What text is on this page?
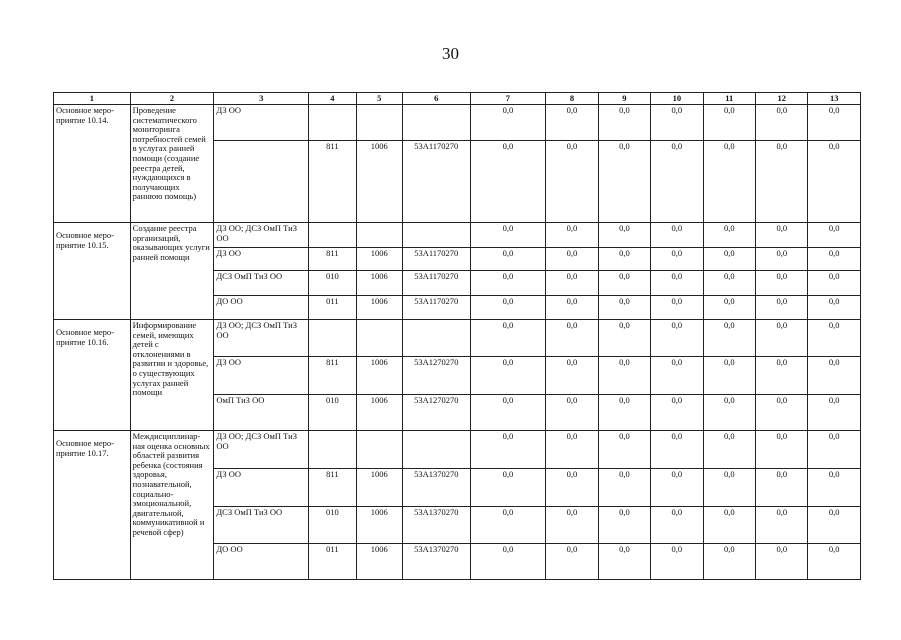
30
1	2	3	4	5	6	7	8	9	10	11	12	13
Основное меро-приятие 10.14.	Проведение систематического мониторинга потребностей семей в услугах ранней помощи (создание реестра детей, нуждающихся в получающих раннюю помощь)	ДЗ ОО				0,0	0,0	0,0	0,0	0,0	0,0	0,0
			811	1006	53А1170270	0,0	0,0	0,0	0,0	0,0	0,0	0,0
Основное меро-приятие 10.15.	Создание реестра организаций, оказывающих услуги ранней помощи	ДЗ ОО; ДСЗ ОмП ТиЗ ОО				0,0	0,0	0,0	0,0	0,0	0,0	0,0
		ДЗ ОО	811	1006	53А1170270	0,0	0,0	0,0	0,0	0,0	0,0	0,0
		ДСЗ ОмП ТиЗ ОО	010	1006	53А1170270	0,0	0,0	0,0	0,0	0,0	0,0	0,0
		ДО ОО	011	1006	53А1170270	0,0	0,0	0,0	0,0	0,0	0,0	0,0
Основное меро-приятие 10.16.	Информирование семей, имеющих детей с отклонениями в развитии и здоровье, о существующих услугах ранней помощи	ДЗ ОО; ДСЗ ОмП ТиЗ ОО				0,0	0,0	0,0	0,0	0,0	0,0	0,0
		ДЗ ОО	811	1006	53А1270270	0,0	0,0	0,0	0,0	0,0	0,0	0,0
		ОмП ТиЗ ОО	010	1006	53А1270270	0,0	0,0	0,0	0,0	0,0	0,0	0,0
Основное меро-приятие 10.17.	Междисциплинар-ная оценка основных областей развития ребенка (состояния здоровья, познавательной, социально-эмоциональной, двигательной, коммуникативной и речевой сфер)	ДЗ ОО; ДСЗ ОмП ТиЗ ОО				0,0	0,0	0,0	0,0	0,0	0,0	0,0
		ДЗ ОО	811	1006	53А1370270	0,0	0,0	0,0	0,0	0,0	0,0	0,0
		ДСЗ ОмП ТиЗ ОО	010	1006	53А1370270	0,0	0,0	0,0	0,0	0,0	0,0	0,0
		ДО ОО	011	1006	53А1370270	0,0	0,0	0,0	0,0	0,0	0,0	0,0
